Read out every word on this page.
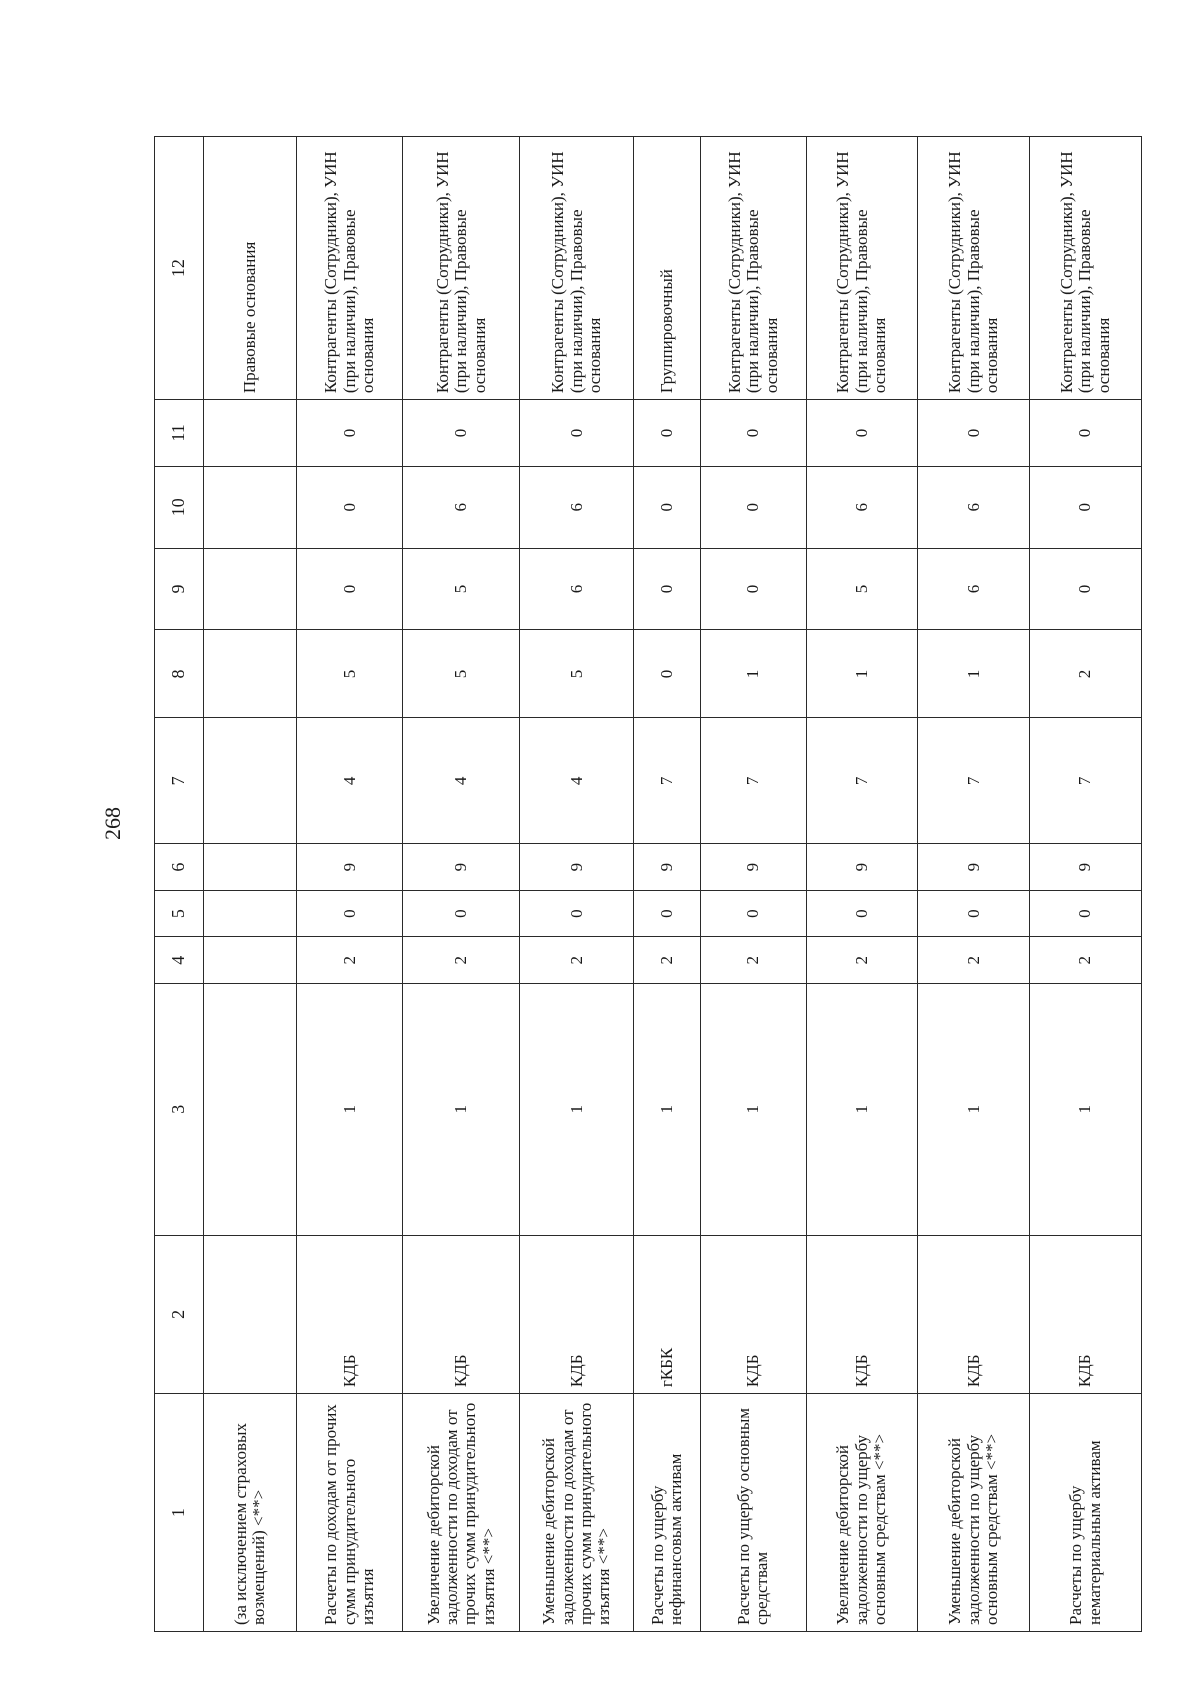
268
1	2	3	4	5	6	7	8	9	10	11	12
(за исключением страховых возмещений) <**>											Правовые основания
Расчеты по доходам от прочих сумм принудительного изъятия	КДБ	1	2	0	9	4	5	0	0	0	Контрагенты (Сотрудники), УИН (при наличии), Правовые основания
Увеличение дебиторской задолженности по доходам от прочих сумм принудительного изъятия <**>	КДБ	1	2	0	9	4	5	5	6	0	Контрагенты (Сотрудники), УИН (при наличии), Правовые основания
Уменьшение дебиторской задолженности по доходам от прочих сумм принудительного изъятия <**>	КДБ	1	2	0	9	4	5	6	6	0	Контрагенты (Сотрудники), УИН (при наличии), Правовые основания
Расчеты по ущербу нефинансовым активам	гКБК	1	2	0	9	7	0	0	0	0	Группировочный
Расчеты по ущербу основным средствам	КДБ	1	2	0	9	7	1	0	0	0	Контрагенты (Сотрудники), УИН (при наличии), Правовые основания
Увеличение дебиторской задолженности по ущербу основным средствам <**>	КДБ	1	2	0	9	7	1	5	6	0	Контрагенты (Сотрудники), УИН (при наличии), Правовые основания
Уменьшение дебиторской задолженности по ущербу основным средствам <**>	КДБ	1	2	0	9	7	1	6	6	0	Контрагенты (Сотрудники), УИН (при наличии), Правовые основания
Расчеты по ущербу нематериальным активам	КДБ	1	2	0	9	7	2	0	0	0	Контрагенты (Сотрудники), УИН (при наличии), Правовые основания
